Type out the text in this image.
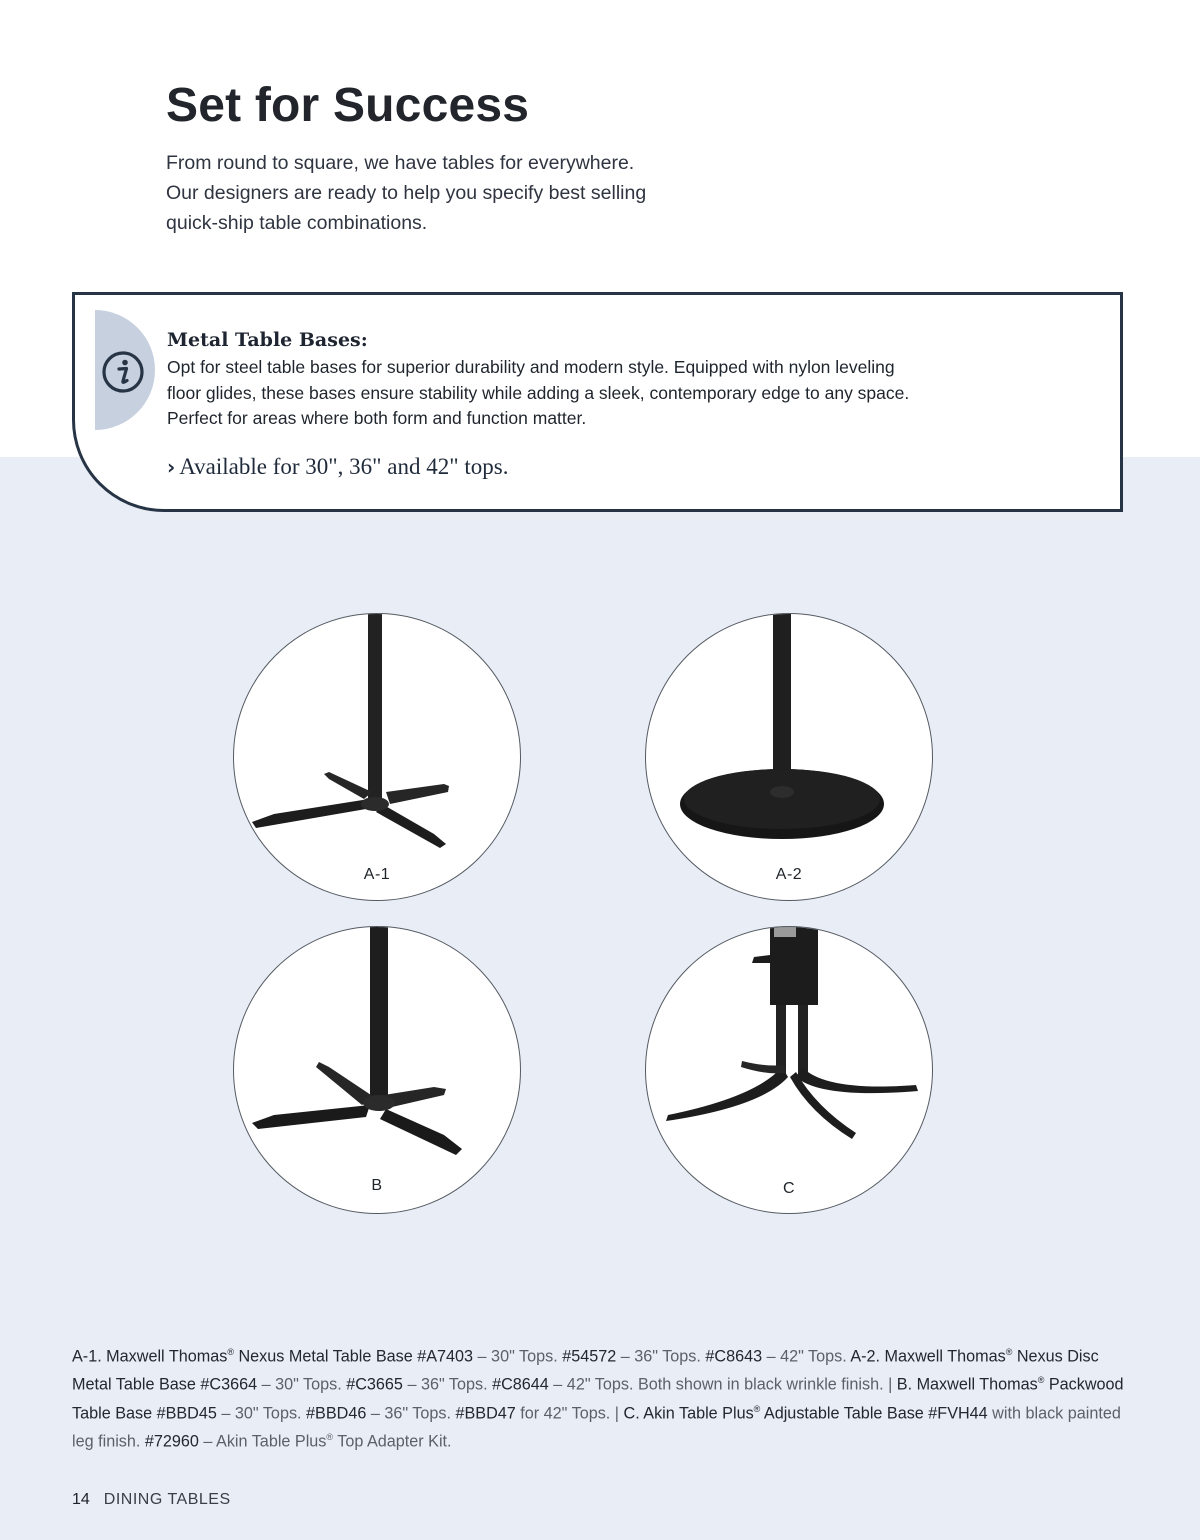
Set for Success

From round to square, we have tables for everywhere. Our designers are ready to help you specify best selling quick-ship table combinations.

Metal Table Bases:

Opt for steel table bases for superior durability and modern style. Equipped with nylon leveling floor glides, these bases ensure stability while adding a sleek, contemporary edge to any space. Perfect for areas where both form and function matter.

› Available for 30", 36" and 42" tops.

A-1	A-2
B	C

A-1. Maxwell Thomas® Nexus Metal Table Base #A7403 – 30" Tops. #54572 – 36" Tops. #C8643 – 42" Tops. A-2. Maxwell Thomas® Nexus Disc Metal Table Base #C3664 – 30" Tops. #C3665 – 36" Tops. #C8644 – 42" Tops. Both shown in black wrinkle finish. | B. Maxwell Thomas® Packwood Table Base #BBD45 – 30" Tops. #BBD46 – 36" Tops. #BBD47 for 42" Tops. | C. Akin Table Plus® Adjustable Table Base #FVH44 with black painted leg finish. #72960 – Akin Table Plus® Top Adapter Kit.

14 DINING TABLES
